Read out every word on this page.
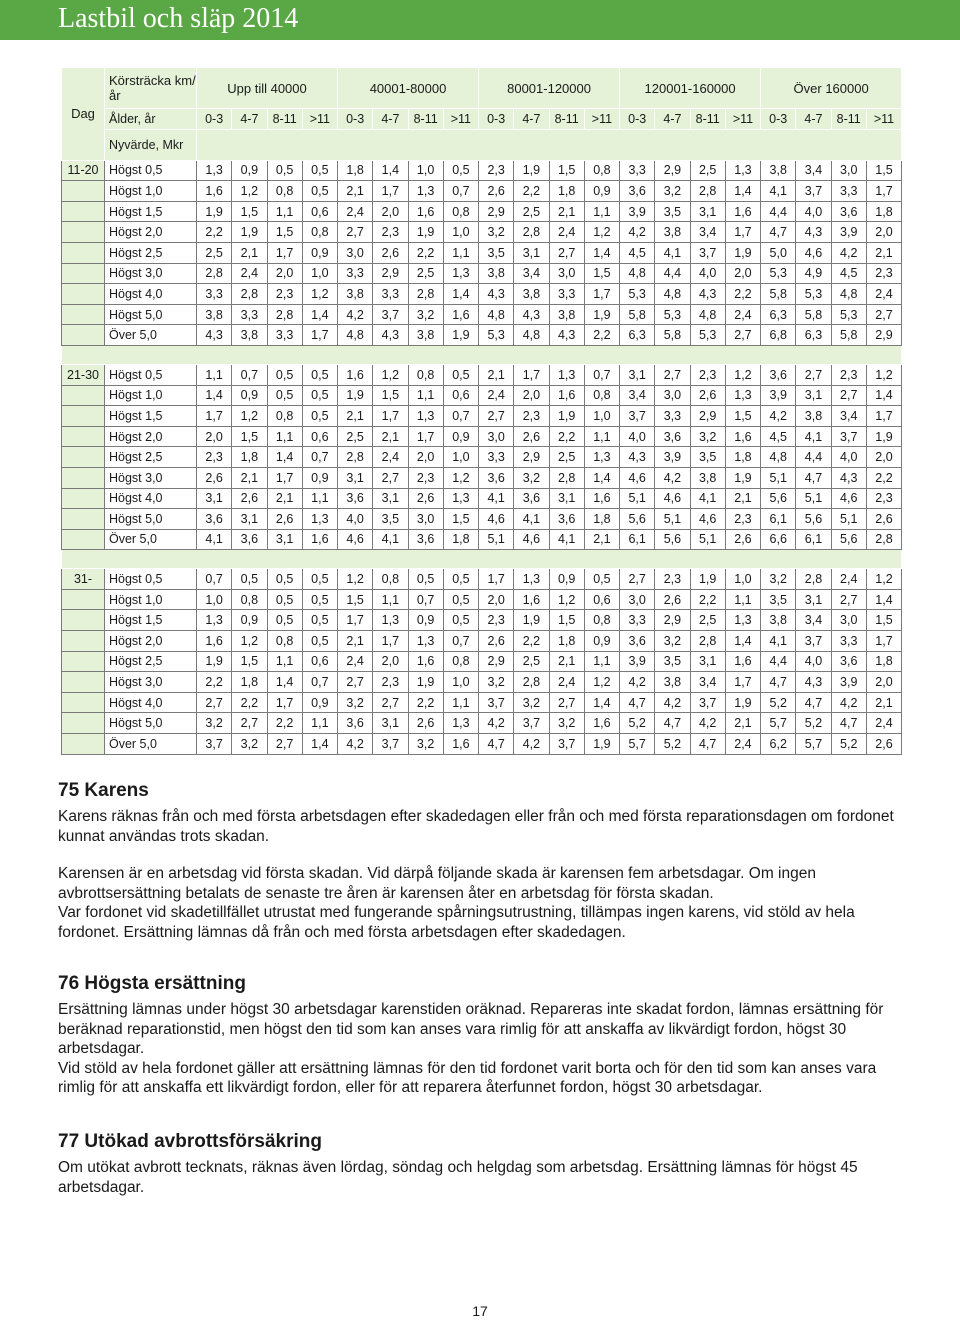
Lastbil och släp 2014
Dag	Körsträcka km/år	Upp till 40000				40001-80000				80001-120000				120001-160000				Över 160000			
	Ålder, år	0-3	4-7	8-11	>11	0-3	4-7	8-11	>11	0-3	4-7	8-11	>11	0-3	4-7	8-11	>11	0-3	4-7	8-11	>11
	Nyvärde, Mkr																				
11-20	Högst 0,5	1,3	0,9	0,5	0,5	1,8	1,4	1,0	0,5	2,3	1,9	1,5	0,8	3,3	2,9	2,5	1,3	3,8	3,4	3,0	1,5
	Högst 1,0	1,6	1,2	0,8	0,5	2,1	1,7	1,3	0,7	2,6	2,2	1,8	0,9	3,6	3,2	2,8	1,4	4,1	3,7	3,3	1,7
	Högst 1,5	1,9	1,5	1,1	0,6	2,4	2,0	1,6	0,8	2,9	2,5	2,1	1,1	3,9	3,5	3,1	1,6	4,4	4,0	3,6	1,8
	Högst 2,0	2,2	1,9	1,5	0,8	2,7	2,3	1,9	1,0	3,2	2,8	2,4	1,2	4,2	3,8	3,4	1,7	4,7	4,3	3,9	2,0
	Högst 2,5	2,5	2,1	1,7	0,9	3,0	2,6	2,2	1,1	3,5	3,1	2,7	1,4	4,5	4,1	3,7	1,9	5,0	4,6	4,2	2,1
	Högst 3,0	2,8	2,4	2,0	1,0	3,3	2,9	2,5	1,3	3,8	3,4	3,0	1,5	4,8	4,4	4,0	2,0	5,3	4,9	4,5	2,3
	Högst 4,0	3,3	2,8	2,3	1,2	3,8	3,3	2,8	1,4	4,3	3,8	3,3	1,7	5,3	4,8	4,3	2,2	5,8	5,3	4,8	2,4
	Högst 5,0	3,8	3,3	2,8	1,4	4,2	3,7	3,2	1,6	4,8	4,3	3,8	1,9	5,8	5,3	4,8	2,4	6,3	5,8	5,3	2,7
	Över 5,0	4,3	3,8	3,3	1,7	4,8	4,3	3,8	1,9	5,3	4,8	4,3	2,2	6,3	5,8	5,3	2,7	6,8	6,3	5,8	2,9

21-30	Högst 0,5	1,1	0,7	0,5	0,5	1,6	1,2	0,8	0,5	2,1	1,7	1,3	0,7	3,1	2,7	2,3	1,2	3,6	2,7	2,3	1,2
	Högst 1,0	1,4	0,9	0,5	0,5	1,9	1,5	1,1	0,6	2,4	2,0	1,6	0,8	3,4	3,0	2,6	1,3	3,9	3,1	2,7	1,4
	Högst 1,5	1,7	1,2	0,8	0,5	2,1	1,7	1,3	0,7	2,7	2,3	1,9	1,0	3,7	3,3	2,9	1,5	4,2	3,8	3,4	1,7
	Högst 2,0	2,0	1,5	1,1	0,6	2,5	2,1	1,7	0,9	3,0	2,6	2,2	1,1	4,0	3,6	3,2	1,6	4,5	4,1	3,7	1,9
	Högst 2,5	2,3	1,8	1,4	0,7	2,8	2,4	2,0	1,0	3,3	2,9	2,5	1,3	4,3	3,9	3,5	1,8	4,8	4,4	4,0	2,0
	Högst 3,0	2,6	2,1	1,7	0,9	3,1	2,7	2,3	1,2	3,6	3,2	2,8	1,4	4,6	4,2	3,8	1,9	5,1	4,7	4,3	2,2
	Högst 4,0	3,1	2,6	2,1	1,1	3,6	3,1	2,6	1,3	4,1	3,6	3,1	1,6	5,1	4,6	4,1	2,1	5,6	5,1	4,6	2,3
	Högst 5,0	3,6	3,1	2,6	1,3	4,0	3,5	3,0	1,5	4,6	4,1	3,6	1,8	5,6	5,1	4,6	2,3	6,1	5,6	5,1	2,6
	Över 5,0	4,1	3,6	3,1	1,6	4,6	4,1	3,6	1,8	5,1	4,6	4,1	2,1	6,1	5,6	5,1	2,6	6,6	6,1	5,6	2,8

31-	Högst 0,5	0,7	0,5	0,5	0,5	1,2	0,8	0,5	0,5	1,7	1,3	0,9	0,5	2,7	2,3	1,9	1,0	3,2	2,8	2,4	1,2
	Högst 1,0	1,0	0,8	0,5	0,5	1,5	1,1	0,7	0,5	2,0	1,6	1,2	0,6	3,0	2,6	2,2	1,1	3,5	3,1	2,7	1,4
	Högst 1,5	1,3	0,9	0,5	0,5	1,7	1,3	0,9	0,5	2,3	1,9	1,5	0,8	3,3	2,9	2,5	1,3	3,8	3,4	3,0	1,5
	Högst 2,0	1,6	1,2	0,8	0,5	2,1	1,7	1,3	0,7	2,6	2,2	1,8	0,9	3,6	3,2	2,8	1,4	4,1	3,7	3,3	1,7
	Högst 2,5	1,9	1,5	1,1	0,6	2,4	2,0	1,6	0,8	2,9	2,5	2,1	1,1	3,9	3,5	3,1	1,6	4,4	4,0	3,6	1,8
	Högst 3,0	2,2	1,8	1,4	0,7	2,7	2,3	1,9	1,0	3,2	2,8	2,4	1,2	4,2	3,8	3,4	1,7	4,7	4,3	3,9	2,0
	Högst 4,0	2,7	2,2	1,7	0,9	3,2	2,7	2,2	1,1	3,7	3,2	2,7	1,4	4,7	4,2	3,7	1,9	5,2	4,7	4,2	2,1
	Högst 5,0	3,2	2,7	2,2	1,1	3,6	3,1	2,6	1,3	4,2	3,7	3,2	1,6	5,2	4,7	4,2	2,1	5,7	5,2	4,7	2,4
	Över 5,0	3,7	3,2	2,7	1,4	4,2	3,7	3,2	1,6	4,7	4,2	3,7	1,9	5,7	5,2	4,7	2,4	6,2	5,7	5,2	2,6
75 Karens

Karens räknas från och med första arbetsdagen efter skadedagen eller från och med första reparationsdagen om fordonet kunnat användas trots skadan.

Karensen är en arbetsdag vid första skadan. Vid därpå följande skada är karensen fem arbetsdagar. Om ingen avbrottsersättning betalats de senaste tre åren är karensen åter en arbetsdag för första skadan.

Var fordonet vid skadetillfället utrustat med fungerande spårningsutrustning, tillämpas ingen karens, vid stöld av hela fordonet. Ersättning lämnas då från och med första arbetsdagen efter skadedagen.

76 Högsta ersättning

Ersättning lämnas under högst 30 arbetsdagar karenstiden oräknad. Repareras inte skadat fordon, lämnas ersättning för beräknad reparationstid, men högst den tid som kan anses vara rimlig för att anskaffa av likvärdigt fordon, högst 30 arbetsdagar.

Vid stöld av hela fordonet gäller att ersättning lämnas för den tid fordonet varit borta och för den tid som kan anses vara rimlig för att anskaffa ett likvärdigt fordon, eller för att reparera återfunnet fordon, högst 30 arbetsdagar.

77 Utökad avbrottsförsäkring

Om utökat avbrott tecknats, räknas även lördag, söndag och helgdag som arbetsdag. Ersättning lämnas för högst 45 arbetsdagar.

17
